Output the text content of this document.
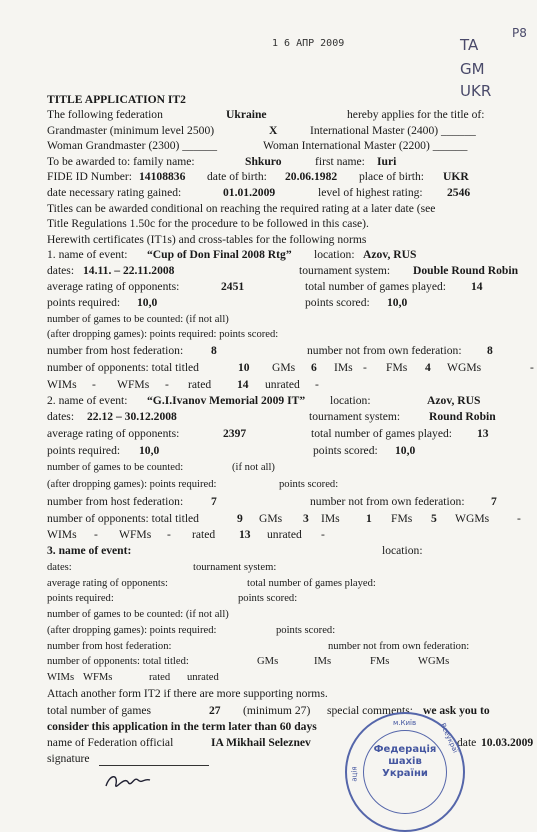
1 6 АПР 2009	TA
GM
UKR
P8
TITLE APPLICATION IT2
The following federation	Ukraine	hereby applies for the title of:
Grandmaster (minimum level 2500)	X	International Master (2400) ______
Woman Grandmaster (2300) ______	Woman International Master (2200) ______
To be awarded to: family name:	Shkuro	first name: Iuri
FIDE ID Number: 14108836 date of birth: 20.06.1982 place of birth: UKR
date necessary rating gained:	01.01.2009	level of highest rating: 2546
Titles can be awarded conditional on reaching the required rating at a later date (see
Title Regulations 1.50c for the procedure to be followed in this case).
Herewith certificates (IT1s) and cross-tables for the following norms
1. name of event: “Cup of Don Final 2008 Rtg” location: Azov, RUS
dates: 14.11. – 22.11.2008	tournament system: Double Round Robin
average rating of opponents:	2451	total number of games played: 14
points required: 10,0	points scored: 10,0
number of games to be counted: (if not all)
(after dropping games): points required: points scored:
number from host federation: 8	number not from own federation: 8
number of opponents: total titled	10 GMs 6 IMs - FMs 4 WGMs	-
WIMs - WFMs - rated 14 unrated -
2. name of event: “G.I.Ivanov Memorial 2009 IT” location:	Azov, RUS
dates: 22.12 – 30.12.2008	tournament system: Round Robin
average rating of opponents:	2397	total number of games played: 13
points required: 10,0	points scored: 10,0
number of games to be counted:	(if not all)
(after dropping games): points required:	points scored:
number from host federation: 7	number not from own federation: 7
number of opponents: total titled	9 GMs 3 IMs 1 FMs 5 WGMs -
WIMs - WFMs - rated 13 unrated -
3. name of event:	location:
dates:	tournament system:
average rating of opponents:	total number of games played:
points required:	points scored:
number of games to be counted: (if not all)
(after dropping games): points required:	points scored:
number from host federation:	number not from own federation:
number of opponents: total titled:	GMs	IMs	FMs	WGMs
WIMs WFMs	rated unrated
Attach another form IT2 if there are more supporting norms.
total number of games	27 (minimum 27) special comments: we ask you to
consider this application in the term later than 60 days
name of Federation official	IA Mikhail Seleznev	date 10.03.2009
signature
м.Київ	Всеукраї
ація
Федерація
шахів
України
